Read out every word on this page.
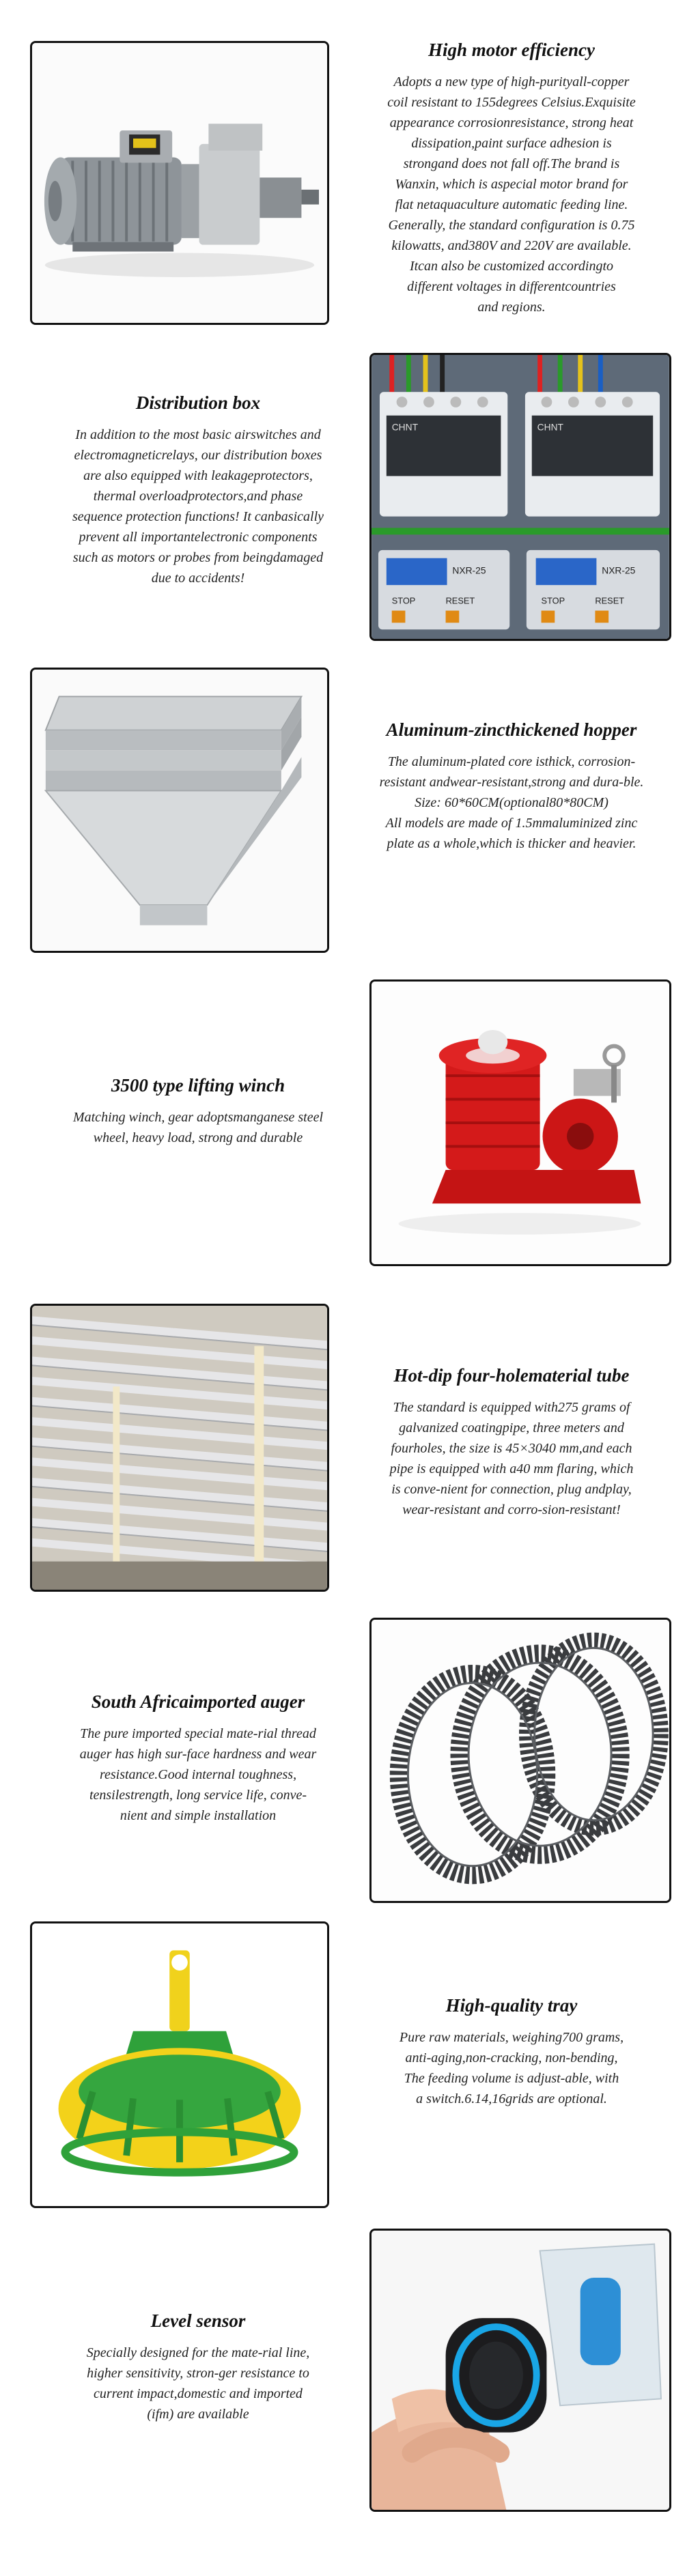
High motor efficiency

Adopts a new type of high-purityall-copper
coil resistant to 155degrees Celsius.Exquisite
appearance corrosionresistance, strong heat
dissipation,paint surface adhesion is
strongand does not fall off.The brand is
Wanxin, which is aspecial motor brand for
flat netaquaculture automatic feeding line.
Generally, the standard configuration is 0.75
kilowatts, and380V and 220V are available.
Itcan also be customized accordingto
different voltages in differentcountries
and regions.

Distribution box

In addition to the most basic airswitches and
electromagneticrelays, our distribution boxes
are also equipped with leakageprotectors,
thermal overloadprotectors,and phase
sequence protection functions! It canbasically
prevent all importantelectronic components
such as motors or probes from beingdamaged
due to accidents!

CHNT	CHNT
NXR-25	NXR-25
STOP	RESET	STOP	RESET
Aluminum-zincthickened hopper

The aluminum-plated core isthick, corrosion-
resistant andwear-resistant,strong and dura-ble.
Size: 60*60CM(optional80*80CM)
All models are made of 1.5mmaluminized zinc
plate as a whole,which is thicker and heavier.

3500 type lifting winch

Matching winch, gear adoptsmanganese steel
wheel, heavy load, strong and durable

Hot-dip four-holematerial tube

The standard is equipped with275 grams of
galvanized coatingpipe, three meters and
fourholes, the size is 45×3040 mm,and each
pipe is equipped with a40 mm flaring, which
is conve-nient for connection, plug andplay,
wear-resistant and corro-sion-resistant!

South Africaimported auger

The pure imported special mate-rial thread
auger has high sur-face hardness and wear
resistance.Good internal toughness,
tensilestrength, long service life, conve-
nient and simple installation

High-quality tray

Pure raw materials, weighing700 grams,
anti-aging,non-cracking, non-bending,
The feeding volume is adjust-able, with
a switch.6.14,16grids are optional.

Level sensor

Specially designed for the mate-rial line,
higher sensitivity, stron-ger resistance to
current impact,domestic and imported
(ifm) are available
